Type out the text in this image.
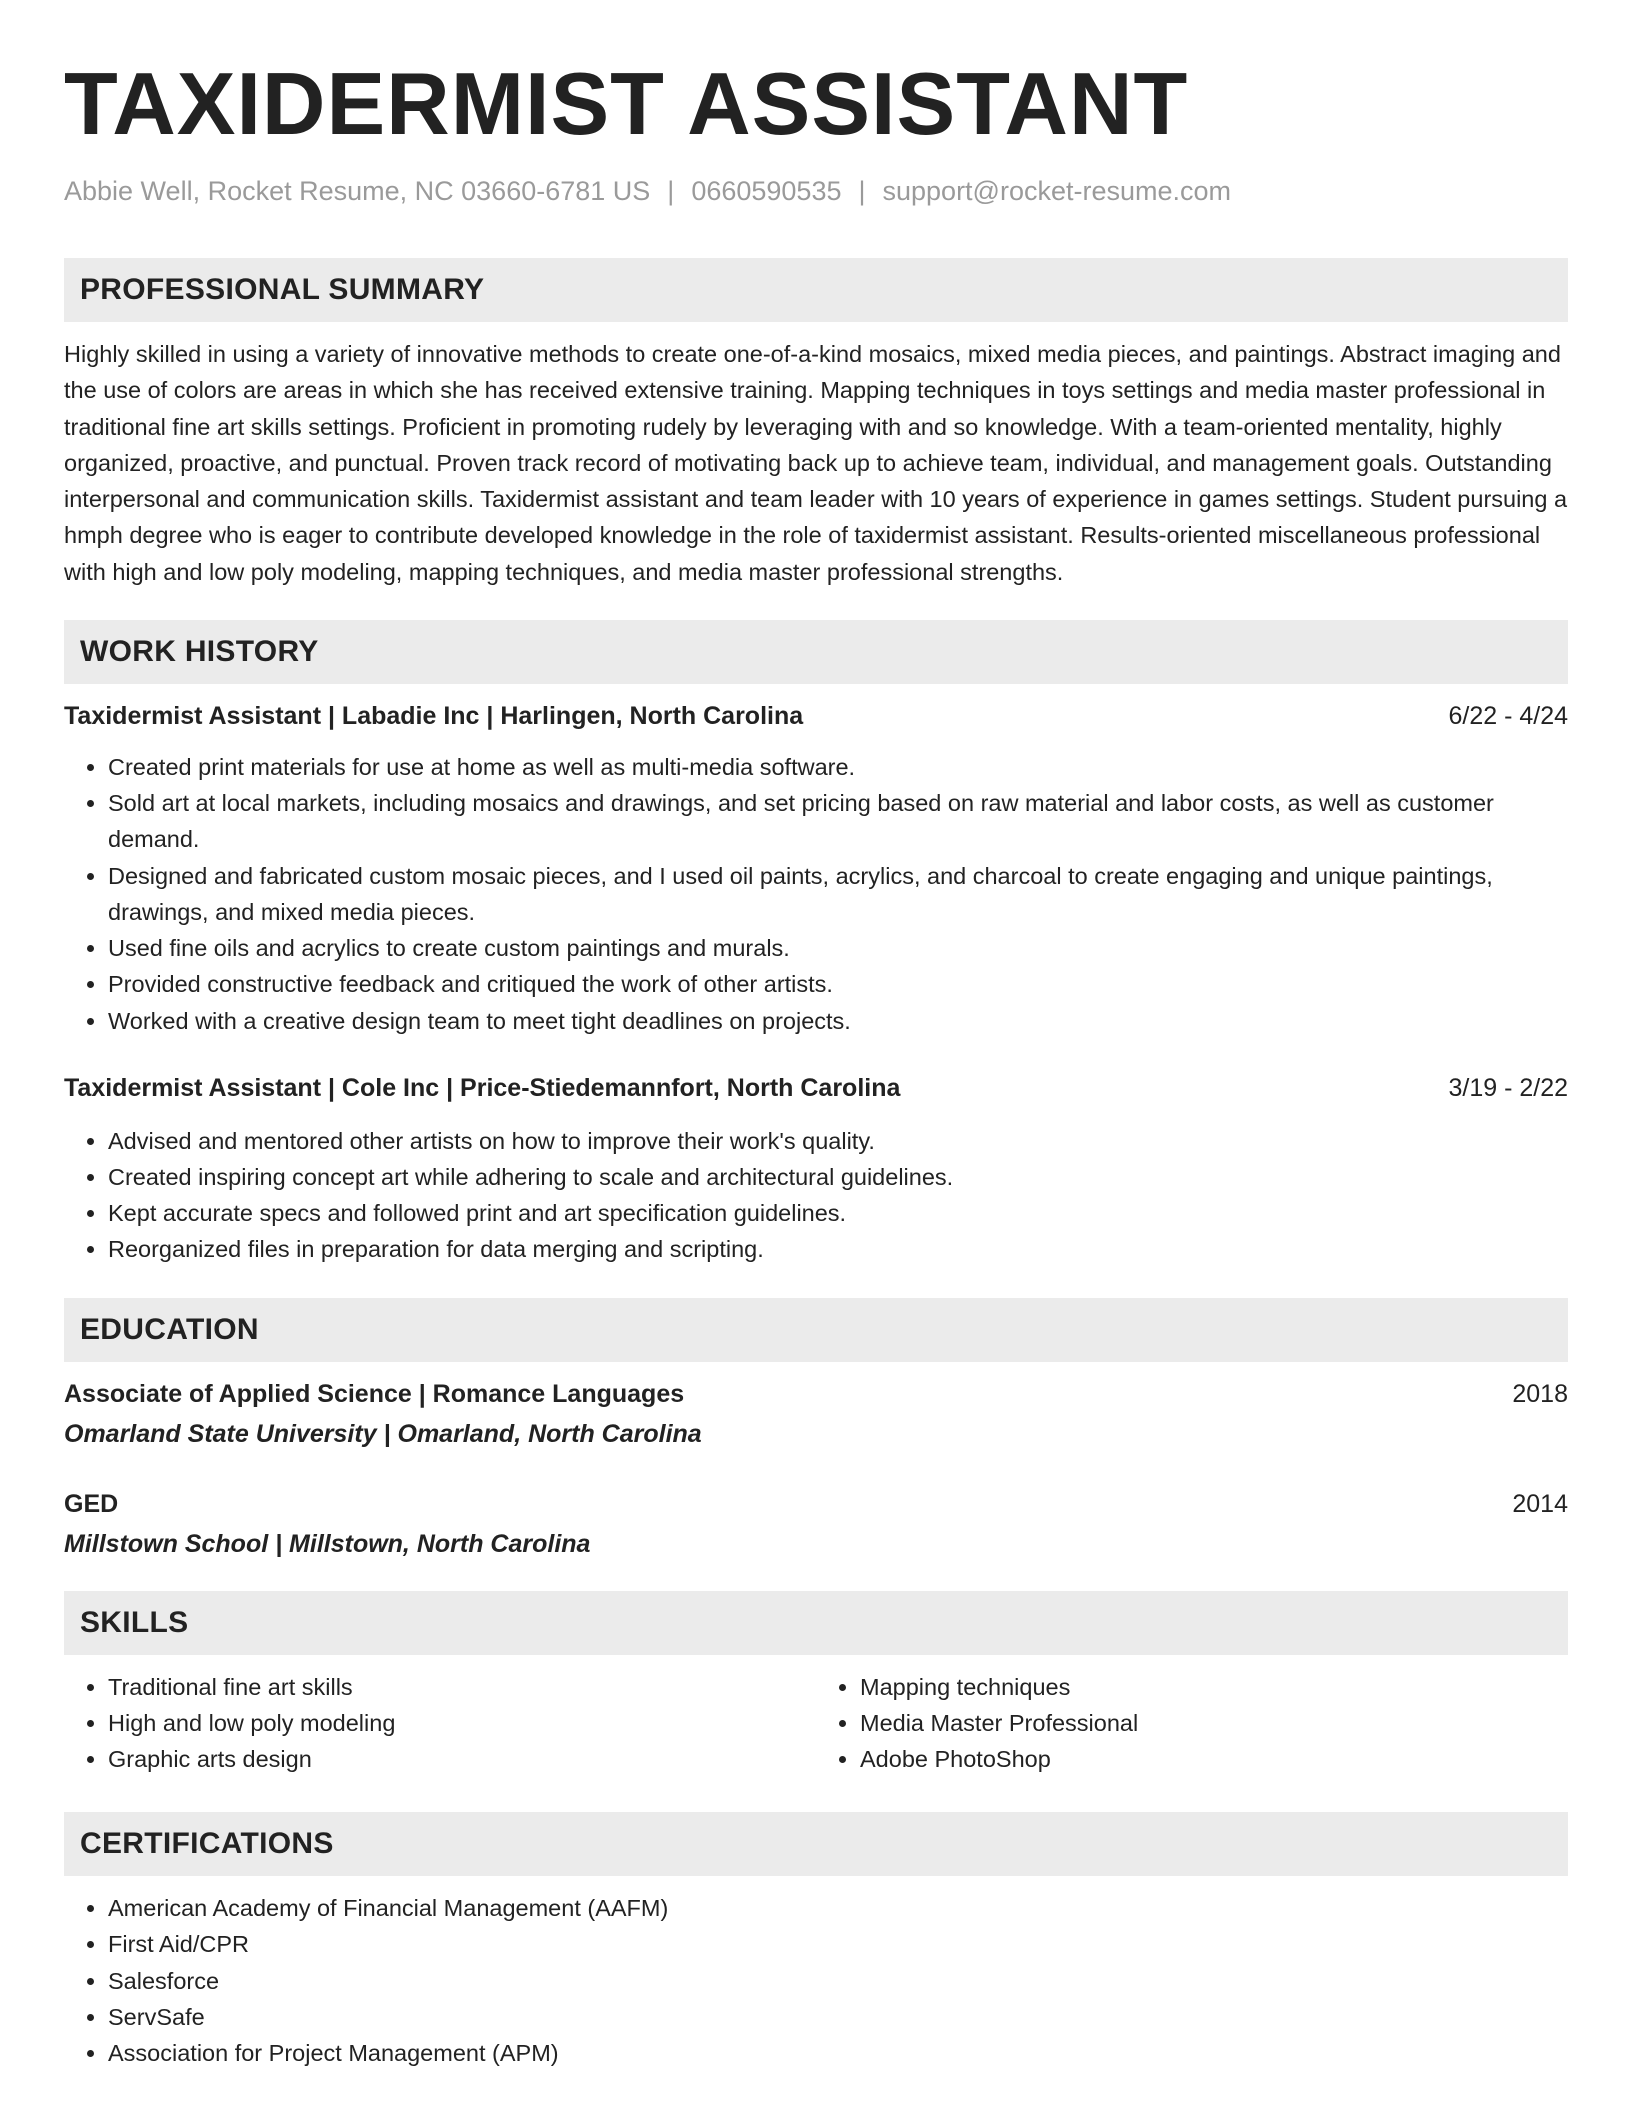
TAXIDERMIST ASSISTANT
Abbie Well, Rocket Resume, NC 03660-6781 US | 0660590535 | support@rocket-resume.com
PROFESSIONAL SUMMARY
Highly skilled in using a variety of innovative methods to create one-of-a-kind mosaics, mixed media pieces, and paintings. Abstract imaging and the use of colors are areas in which she has received extensive training. Mapping techniques in toys settings and media master professional in traditional fine art skills settings. Proficient in promoting rudely by leveraging with and so knowledge. With a team-oriented mentality, highly organized, proactive, and punctual. Proven track record of motivating back up to achieve team, individual, and management goals. Outstanding interpersonal and communication skills. Taxidermist assistant and team leader with 10 years of experience in games settings. Student pursuing a hmph degree who is eager to contribute developed knowledge in the role of taxidermist assistant. Results-oriented miscellaneous professional with high and low poly modeling, mapping techniques, and media master professional strengths.
WORK HISTORY
Taxidermist Assistant | Labadie Inc | Harlingen, North Carolina	6/22 - 4/24
• Created print materials for use at home as well as multi-media software.
• Sold art at local markets, including mosaics and drawings, and set pricing based on raw material and labor costs, as well as customer demand.
• Designed and fabricated custom mosaic pieces, and I used oil paints, acrylics, and charcoal to create engaging and unique paintings, drawings, and mixed media pieces.
• Used fine oils and acrylics to create custom paintings and murals.
• Provided constructive feedback and critiqued the work of other artists.
• Worked with a creative design team to meet tight deadlines on projects.
Taxidermist Assistant | Cole Inc | Price-Stiedemannfort, North Carolina	3/19 - 2/22
• Advised and mentored other artists on how to improve their work's quality.
• Created inspiring concept art while adhering to scale and architectural guidelines.
• Kept accurate specs and followed print and art specification guidelines.
• Reorganized files in preparation for data merging and scripting.
EDUCATION
Associate of Applied Science | Romance Languages	2018
Omarland State University | Omarland, North Carolina
GED	2014
Millstown School | Millstown, North Carolina
SKILLS
• Traditional fine art skills
• High and low poly modeling
• Graphic arts design
• Mapping techniques
• Media Master Professional
• Adobe PhotoShop
CERTIFICATIONS
• American Academy of Financial Management (AAFM)
• First Aid/CPR
• Salesforce
• ServSafe
• Association for Project Management (APM)
